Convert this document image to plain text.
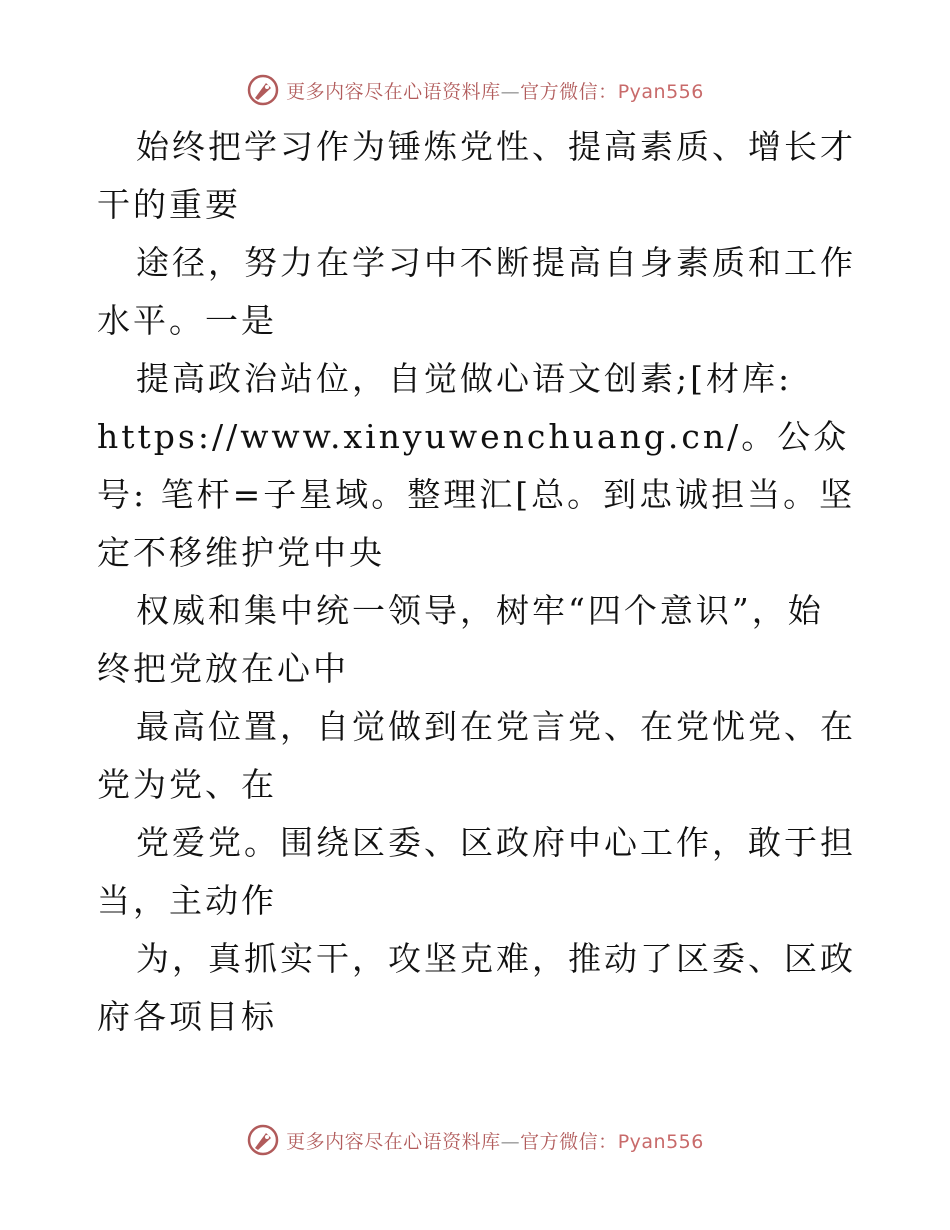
更多内容尽在心语资料库—官方微信：Pyan556

始终把学习作为锤炼党性、提高素质、增长才干的重要

途径，努力在学习中不断提高自身素质和工作水平。一是

提高政治站位，自觉做心语文创素;[材库:

https://www.xinyuwenchuang.cn/。公众号: 笔杆=子星域。整理汇[总。到忠诚担当。坚定不移维护党中央

权威和集中统一领导，树牢“四个意识”，始终把党放在心中

最高位置，自觉做到在党言党、在党忧党、在党为党、在

党爱党。围绕区委、区政府中心工作，敢于担当，主动作

为，真抓实干，攻坚克难，推动了区委、区政府各项目标

更多内容尽在心语资料库—官方微信：Pyan556
